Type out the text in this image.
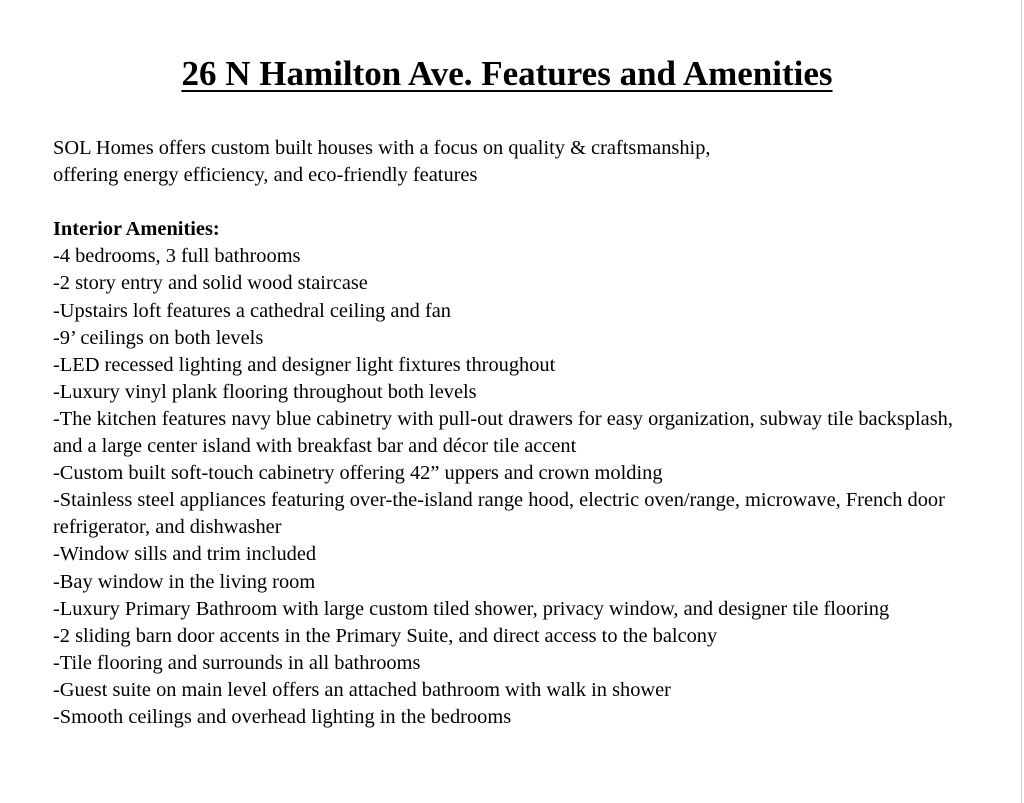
26 N Hamilton Ave. Features and Amenities

SOL Homes offers custom built houses with a focus on quality & craftsmanship,
offering energy efficiency, and eco-friendly features

Interior Amenities:

-4 bedrooms, 3 full bathrooms
-2 story entry and solid wood staircase
-Upstairs loft features a cathedral ceiling and fan
-9’ ceilings on both levels
-LED recessed lighting and designer light fixtures throughout
-Luxury vinyl plank flooring throughout both levels
-The kitchen features navy blue cabinetry with pull-out drawers for easy organization, subway tile backsplash, and a large center island with breakfast bar and décor tile accent
-Custom built soft-touch cabinetry offering 42” uppers and crown molding
-Stainless steel appliances featuring over-the-island range hood, electric oven/range, microwave, French door refrigerator, and dishwasher
-Window sills and trim included
-Bay window in the living room
-Luxury Primary Bathroom with large custom tiled shower, privacy window, and designer tile flooring
-2 sliding barn door accents in the Primary Suite, and direct access to the balcony
-Tile flooring and surrounds in all bathrooms
-Guest suite on main level offers an attached bathroom with walk in shower
-Smooth ceilings and overhead lighting in the bedrooms
